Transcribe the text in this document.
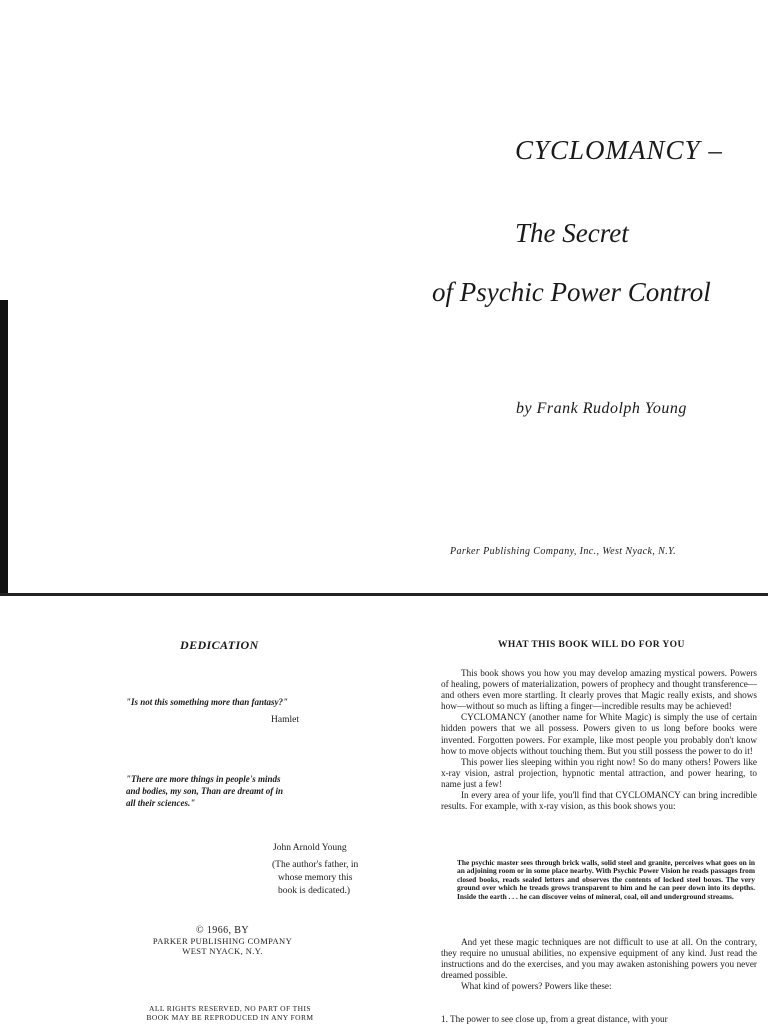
CYCLOMANCY –
The Secret
of Psychic Power Control
by Frank Rudolph Young
Parker Publishing Company, Inc., West Nyack, N.Y.
DEDICATION
"Is not this something more than fantasy?"
Hamlet
"There are more things in people's minds
and bodies, my son, Than are dreamt of in
all their sciences."
John Arnold Young
(The author's father, in
whose memory this
book is dedicated.)
© 1966, BY
PARKER PUBLISHING COMPANY
WEST NYACK, N.Y.
ALL RIGHTS RESERVED, NO PART OF THIS
BOOK MAY BE REPRODUCED IN ANY FORM
WHAT THIS BOOK WILL DO FOR YOU

This book shows you how you may develop amazing mystical powers. Powers of healing, powers of materialization, powers of prophecy and thought transference—and others even more startling. It clearly proves that Magic really exists, and shows how—without so much as lifting a finger—incredible results may be achieved!

CYCLOMANCY (another name for White Magic) is simply the use of certain hidden powers that we all possess. Powers given to us long before books were invented. Forgotten powers. For example, like most people you probably don't know how to move objects without touching them. But you still possess the power to do it!

This power lies sleeping within you right now! So do many others! Powers like x-ray vision, astral projection, hypnotic mental attraction, and power hearing, to name just a few!

In every area of your life, you'll find that CYCLOMANCY can bring incredible results. For example, with x-ray vision, as this book shows you:

The psychic master sees through brick walls, solid steel and granite, perceives what goes on in an adjoining room or in some place nearby. With Psychic Power Vision he reads passages from closed books, reads sealed letters and observes the contents of locked steel boxes. The very ground over which he treads grows transparent to him and he can peer down into its depths. Inside the earth . . . he can discover veins of mineral, coal, oil and underground streams.

And yet these magic techniques are not difficult to use at all. On the contrary, they require no unusual abilities, no expensive equipment of any kind. Just read the instructions and do the exercises, and you may awaken astonishing powers you never dreamed possible.

What kind of powers? Powers like these:

1. The power to see close up, from a great distance, with your
